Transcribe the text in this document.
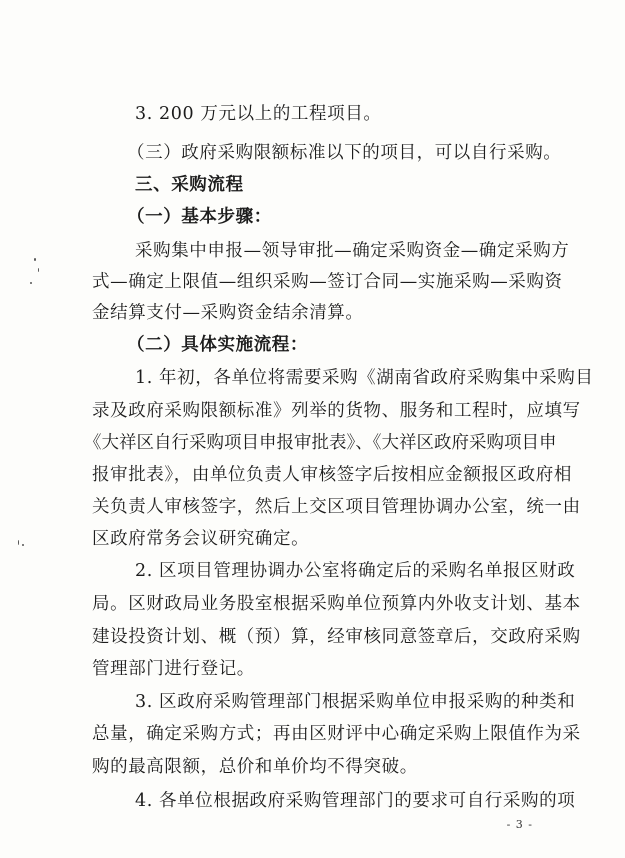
3. 200 万元以上的工程项目。
（三）政府采购限额标准以下的项目，可以自行采购。
三、采购流程
（一）基本步骤：
采购集中申报—领导审批—确定采购资金—确定采购方
式—确定上限值—组织采购—签订合同—实施采购—采购资
金结算支付—采购资金结余清算。
（二）具体实施流程：
1. 年初，各单位将需要采购《湖南省政府采购集中采购目
录及政府采购限额标准》列举的货物、服务和工程时，应填写
《大祥区自行采购项目申报审批表》、《大祥区政府采购项目申
报审批表》，由单位负责人审核签字后按相应金额报区政府相
关负责人审核签字，然后上交区项目管理协调办公室，统一由
区政府常务会议研究确定。
2. 区项目管理协调办公室将确定后的采购名单报区财政
局。区财政局业务股室根据采购单位预算内外收支计划、基本
建设投资计划、概（预）算，经审核同意签章后，交政府采购
管理部门进行登记。
3. 区政府采购管理部门根据采购单位申报采购的种类和
总量，确定采购方式；再由区财评中心确定采购上限值作为采
购的最高限额，总价和单价均不得突破。
4. 各单位根据政府采购管理部门的要求可自行采购的项
- 3 -
